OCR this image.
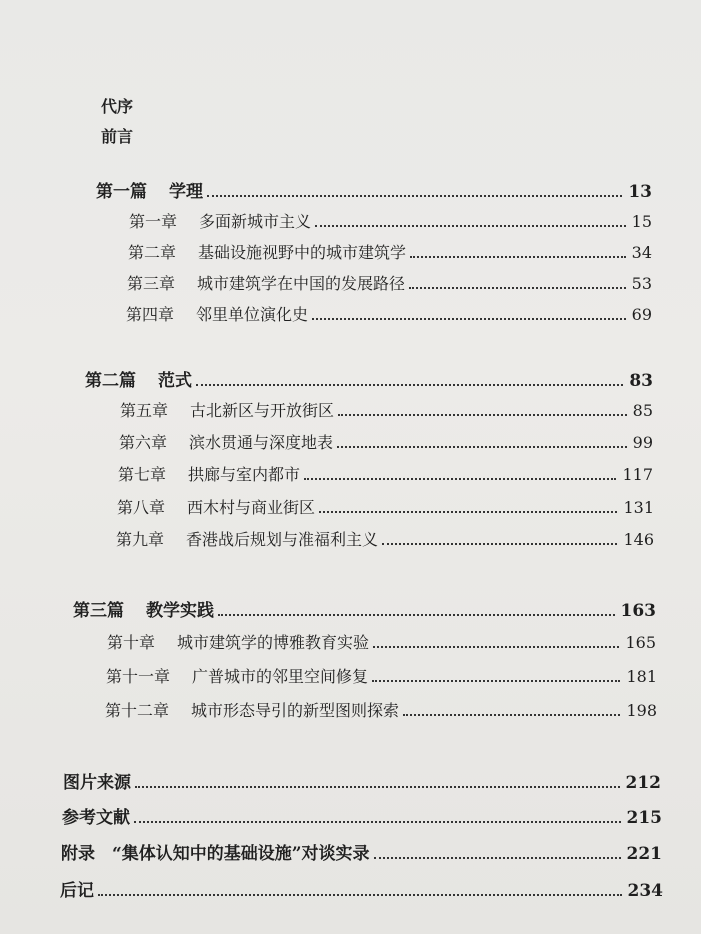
代序
前言
第一篇 学理	13
第一章 多面新城市主义	15
第二章 基础设施视野中的城市建筑学	34
第三章 城市建筑学在中国的发展路径	53
第四章 邻里单位演化史	69
第二篇 范式	83
第五章 古北新区与开放街区	85
第六章 滨水贯通与深度地表	99
第七章 拱廊与室内都市	117
第八章 西木村与商业街区	131
第九章 香港战后规划与准福利主义	146
第三篇 教学实践	163
第十章 城市建筑学的博雅教育实验	165
第十一章 广普城市的邻里空间修复	181
第十二章 城市形态导引的新型图则探索	198
图片来源	212
参考文献	215
附录　“集体认知中的基础设施”对谈实录	221
后记	234
